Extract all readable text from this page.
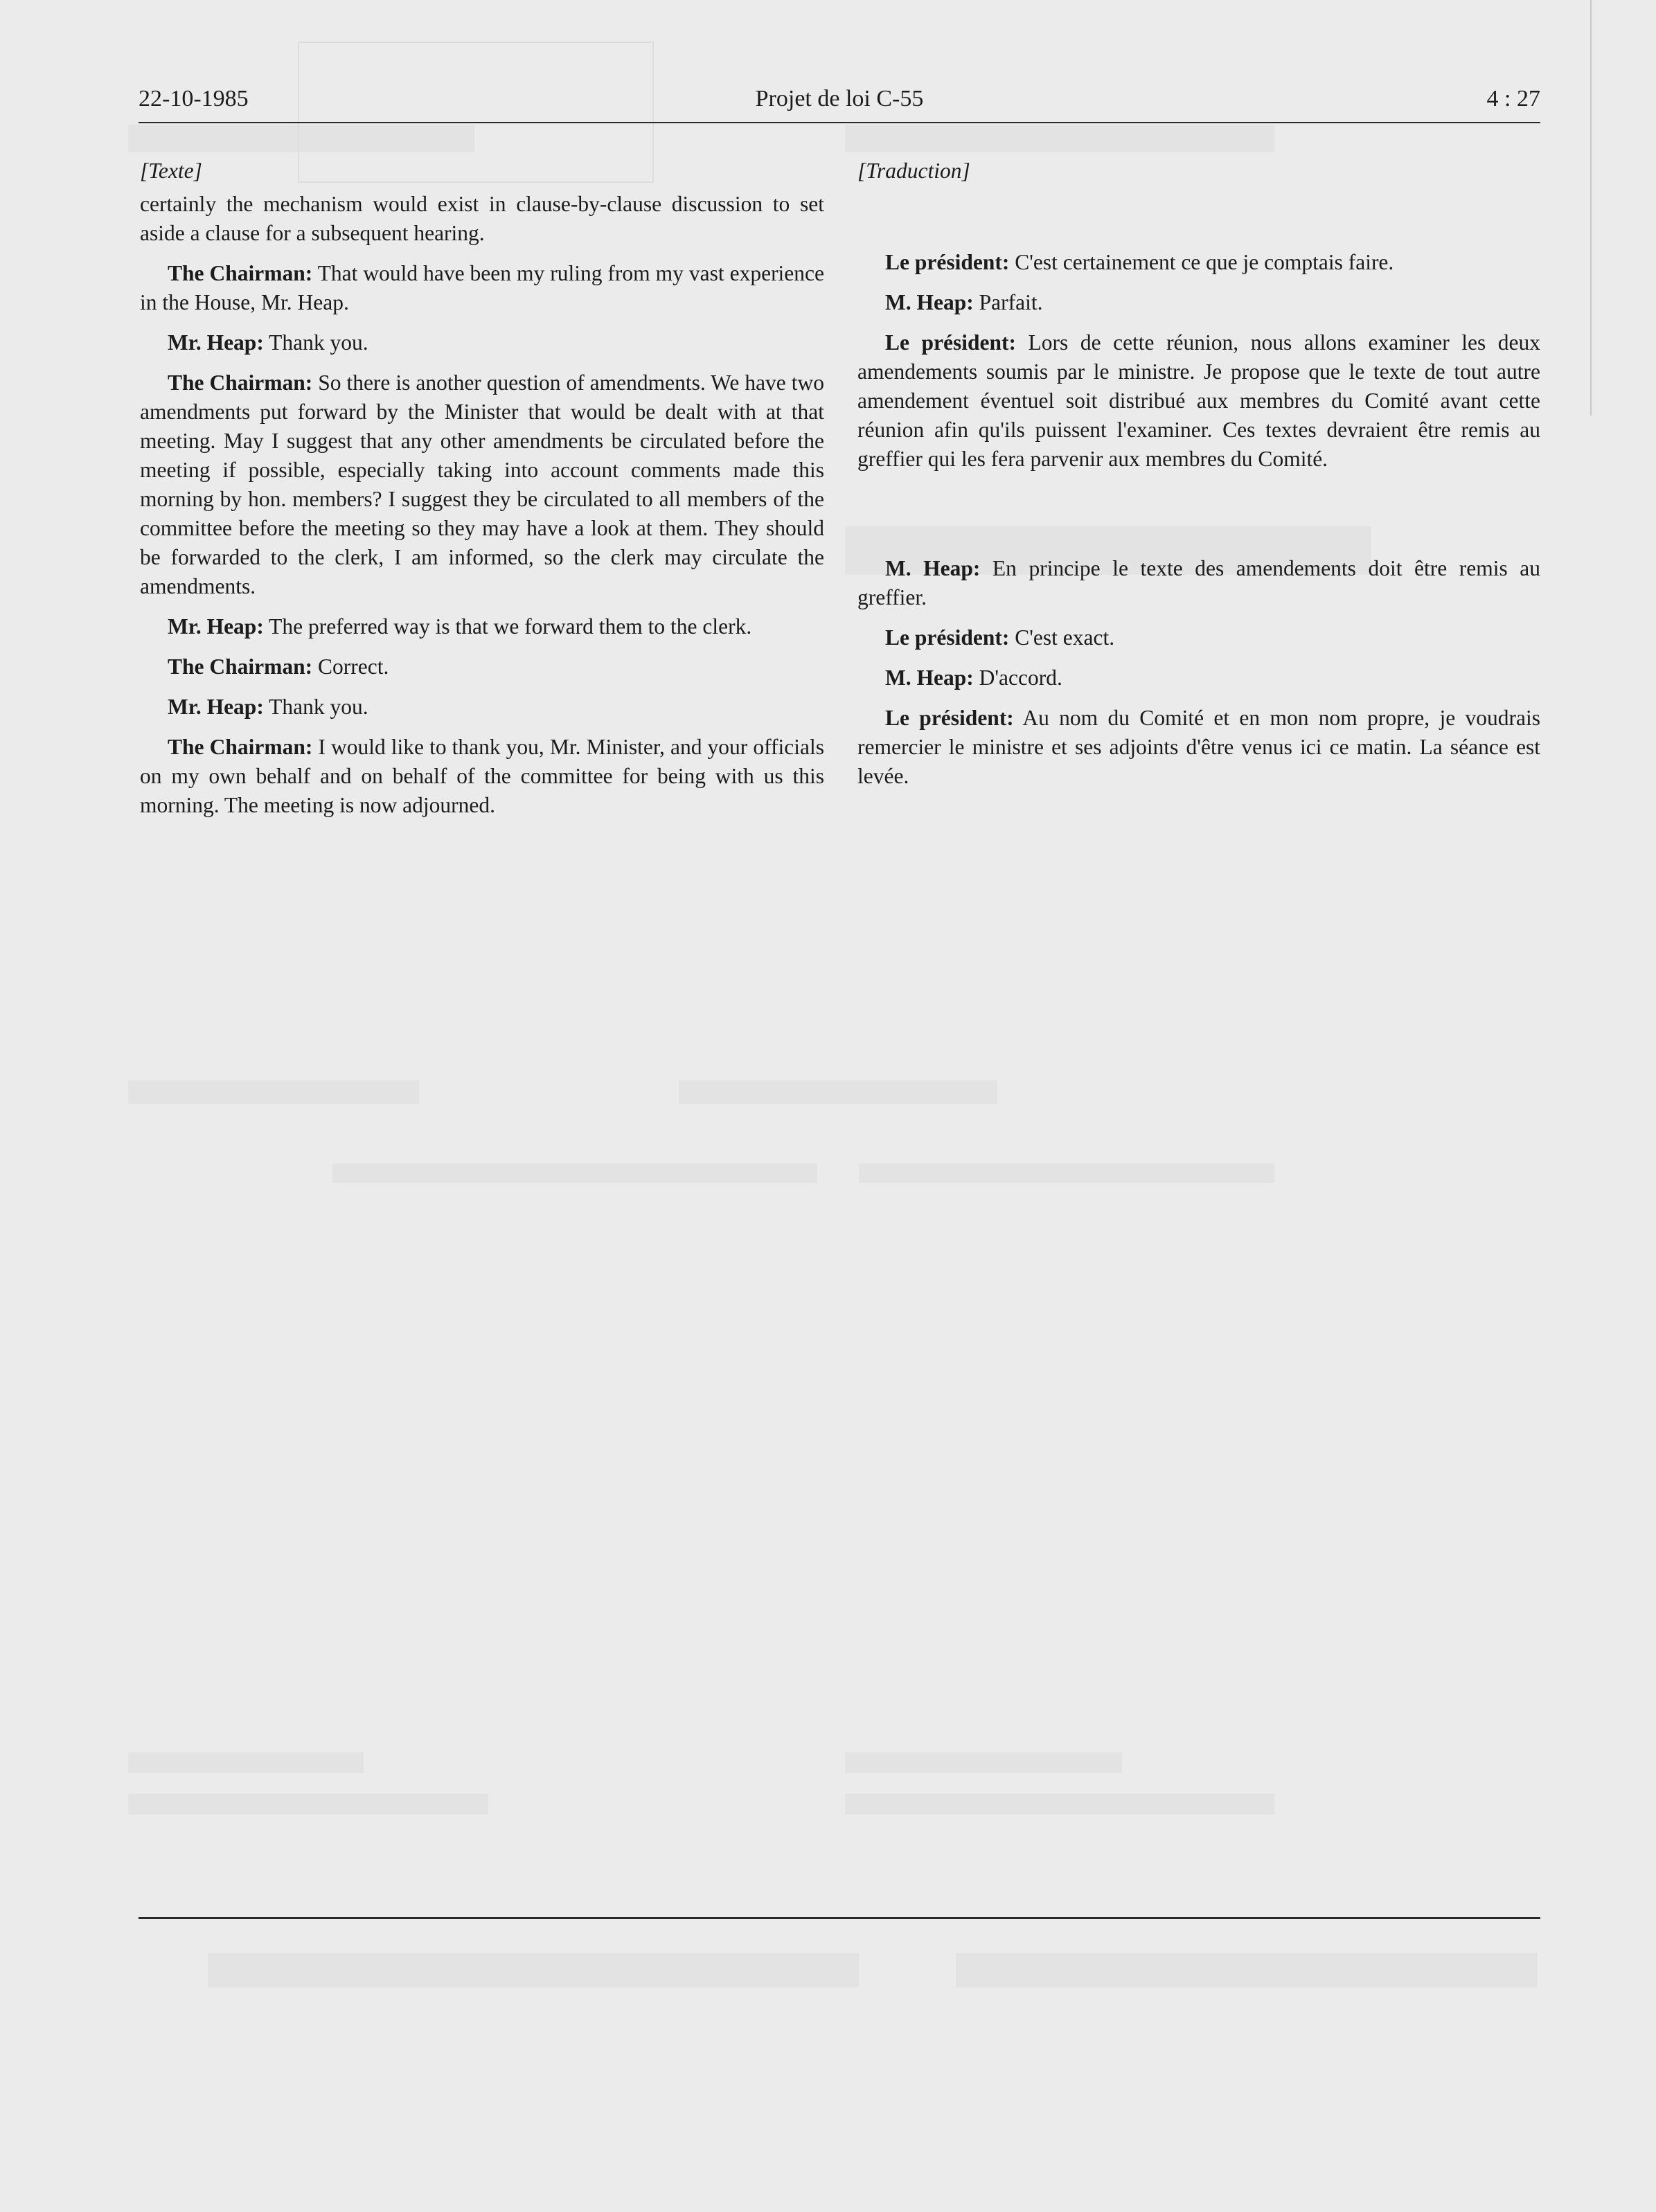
22-10-1985	Projet de loi C-55	4 : 27
[Texte]

certainly the mechanism would exist in clause-by-clause discussion to set aside a clause for a subsequent hearing.

The Chairman: That would have been my ruling from my vast experience in the House, Mr. Heap.

Mr. Heap: Thank you.

The Chairman: So there is another question of amendments. We have two amendments put forward by the Minister that would be dealt with at that meeting. May I suggest that any other amendments be circulated before the meeting if possible, especially taking into account comments made this morning by hon. members? I suggest they be circulated to all members of the committee before the meeting so they may have a look at them. They should be forwarded to the clerk, I am informed, so the clerk may circulate the amendments.

Mr. Heap: The preferred way is that we forward them to the clerk.

The Chairman: Correct.

Mr. Heap: Thank you.

The Chairman: I would like to thank you, Mr. Minister, and your officials on my own behalf and on behalf of the committee for being with us this morning. The meeting is now adjourned.

[Traduction]

Le président: C'est certainement ce que je comptais faire.

M. Heap: Parfait.

Le président: Lors de cette réunion, nous allons examiner les deux amendements soumis par le ministre. Je propose que le texte de tout autre amendement éventuel soit distribué aux membres du Comité avant cette réunion afin qu'ils puissent l'examiner. Ces textes devraient être remis au greffier qui les fera parvenir aux membres du Comité.

M. Heap: En principe le texte des amendements doit être remis au greffier.

Le président: C'est exact.

M. Heap: D'accord.

Le président: Au nom du Comité et en mon nom propre, je voudrais remercier le ministre et ses adjoints d'être venus ici ce matin. La séance est levée.
